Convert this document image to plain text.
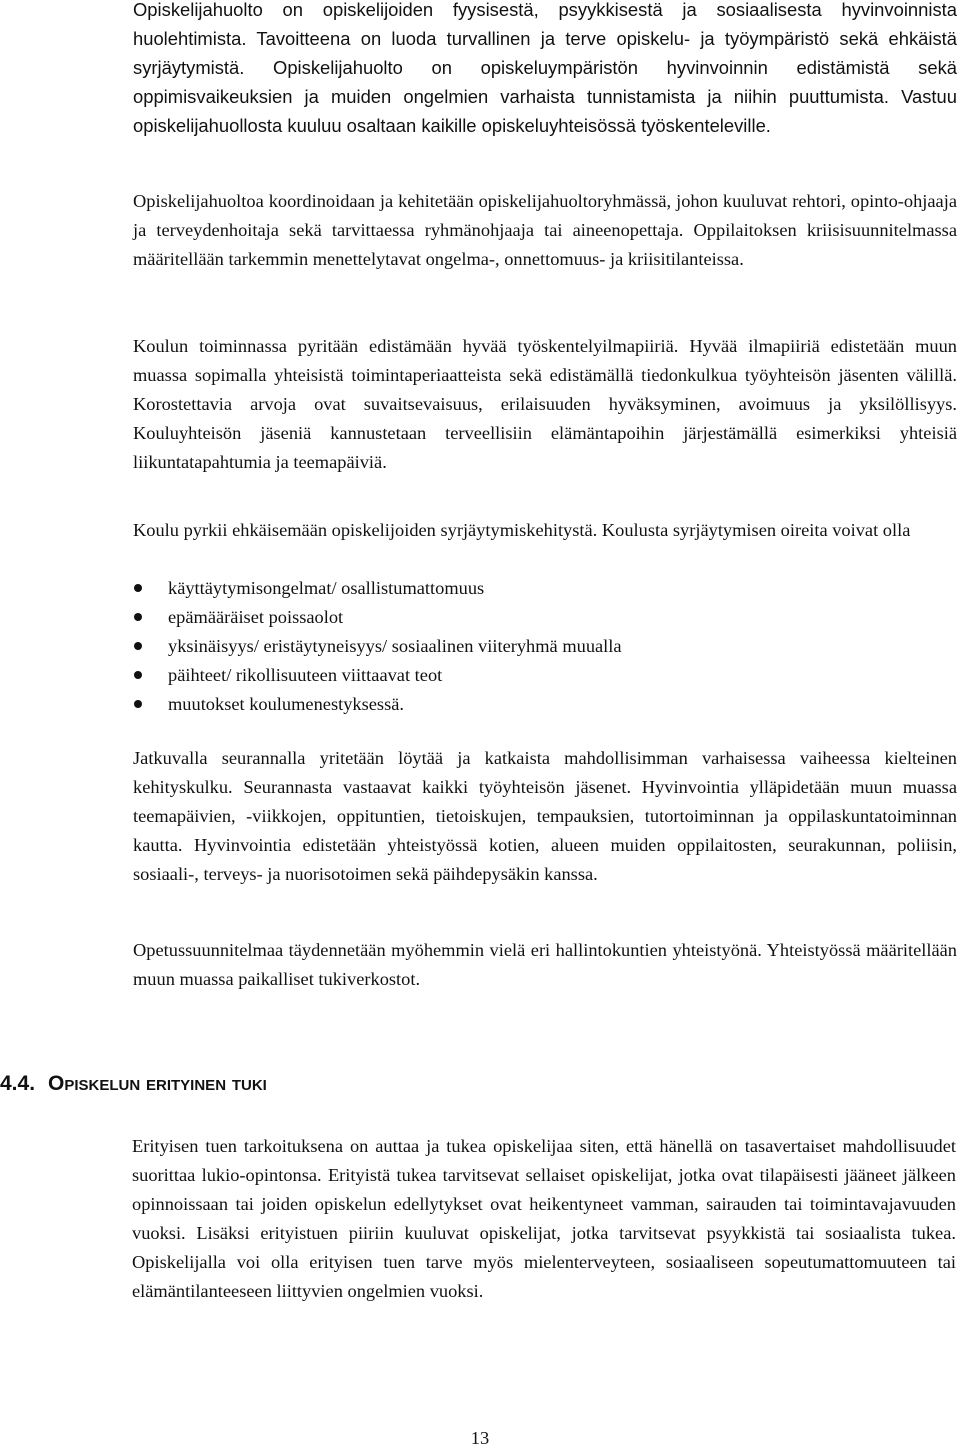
Opiskelijahuolto on opiskelijoiden fyysisestä, psyykkisestä ja sosiaalisesta hyvinvoinnista huolehtimista. Tavoitteena on luoda turvallinen ja terve opiskelu- ja työympäristö sekä ehkäistä syrjäytymistä. Opiskelijahuolto on opiskeluympäristön hyvinvoinnin edistämistä sekä oppimisvaikeuksien ja muiden ongelmien varhaista tunnistamista ja niihin puuttumista. Vastuu opiskelijahuollosta kuuluu osaltaan kaikille opiskeluyhteisössä työskenteleville.

Opiskelijahuoltoa koordinoidaan ja kehitetään opiskelijahuoltoryhmässä, johon kuuluvat rehtori, opinto-ohjaaja ja terveydenhoitaja sekä tarvittaessa ryhmänohjaaja tai aineenopettaja. Oppilaitoksen kriisisuunnitelmassa määritellään tarkemmin menettelytavat ongelma-, onnettomuus- ja kriisitilanteissa.

Koulun toiminnassa pyritään edistämään hyvää työskentelyilmapiiriä. Hyvää ilmapiiriä edistetään muun muassa sopimalla yhteisistä toimintaperiaatteista sekä edistämällä tiedonkulkua työyhteisön jäsenten välillä. Korostettavia arvoja ovat suvaitsevaisuus, erilaisuuden hyväksyminen, avoimuus ja yksilöllisyys. Kouluyhteisön jäseniä kannustetaan terveellisiin elämäntapoihin järjestämällä esimerkiksi yhteisiä liikuntatapahtumia ja teemapäiviä.

Koulu pyrkii ehkäisemään opiskelijoiden syrjäytymiskehitystä. Koulusta syrjäytymisen oireita voivat olla

käyttäytymisongelmat/ osallistumattomuus
epämääräiset poissaolot
yksinäisyys/ eristäytyneisyys/ sosiaalinen viiteryhmä muualla
päihteet/ rikollisuuteen viittaavat teot
muutokset koulumenestyksessä.

Jatkuvalla seurannalla yritetään löytää ja katkaista mahdollisimman varhaisessa vaiheessa kielteinen kehityskulku. Seurannasta vastaavat kaikki työyhteisön jäsenet. Hyvinvointia ylläpidetään muun muassa teemapäivien, -viikkojen, oppituntien, tietoiskujen, tempauksien, tutortoiminnan ja oppilaskuntatoiminnan kautta. Hyvinvointia edistetään yhteistyössä kotien, alueen muiden oppilaitosten, seurakunnan, poliisin, sosiaali-, terveys- ja nuorisotoimen sekä päihdepysäkin kanssa.

Opetussuunnitelmaa täydennetään myöhemmin vielä eri hallintokuntien yhteistyönä. Yhteistyössä määritellään muun muassa paikalliset tukiverkostot.

4.4. Opiskelun erityinen tuki

Erityisen tuen tarkoituksena on auttaa ja tukea opiskelijaa siten, että hänellä on tasavertaiset mahdollisuudet suorittaa lukio-opintonsa. Erityistä tukea tarvitsevat sellaiset opiskelijat, jotka ovat tilapäisesti jääneet jälkeen opinnoissaan tai joiden opiskelun edellytykset ovat heikentyneet vamman, sairauden tai toimintavajavuuden vuoksi. Lisäksi erityistuen piiriin kuuluvat opiskelijat, jotka tarvitsevat psyykkistä tai sosiaalista tukea. Opiskelijalla voi olla erityisen tuen tarve myös mielenterveyteen, sosiaaliseen sopeutumattomuuteen tai elämäntilanteeseen liittyvien ongelmien vuoksi.

13
